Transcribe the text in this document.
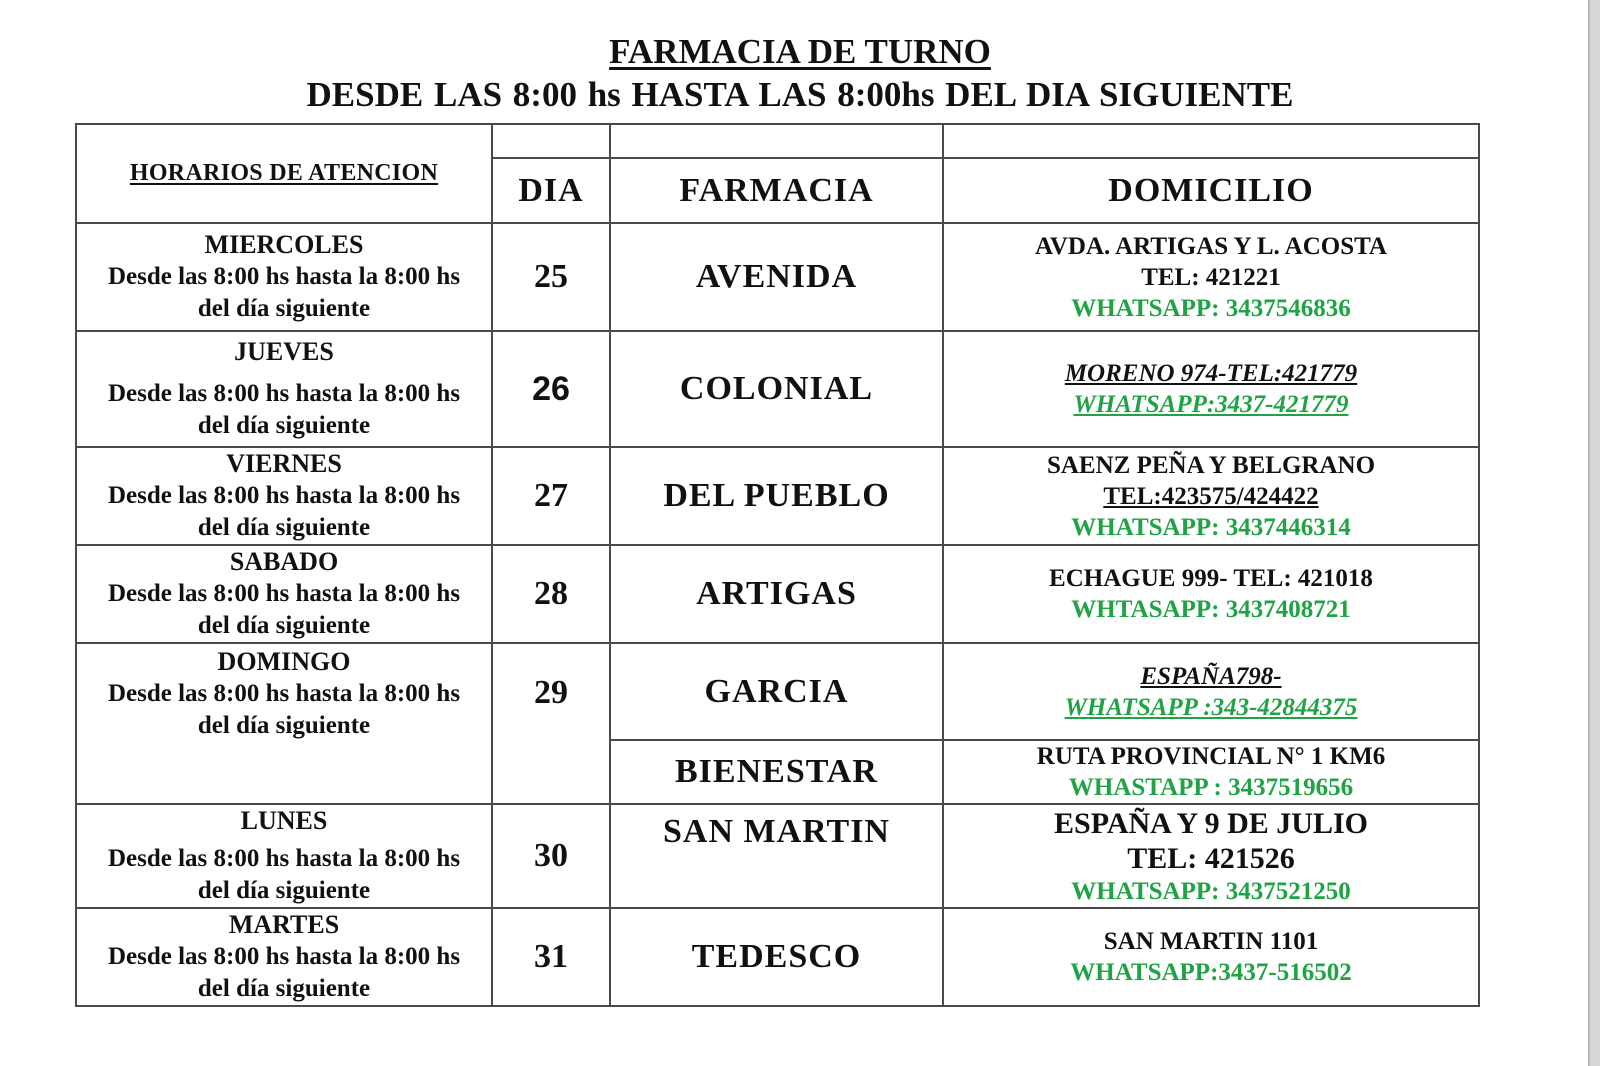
FARMACIA DE TURNO
DESDE LAS 8:00 hs HASTA LAS 8:00hs DEL DIA SIGUIENTE
HORARIOS DE ATENCION			
	DIA	FARMACIA	DOMICILIO

MIERCOLES
Desde las 8:00 hs hasta la 8:00 hs
del día siguiente	25	AVENIDA	AVDA. ARTIGAS Y L. ACOSTA
TEL: 421221
WHATSAPP: 3437546836

JUEVES
Desde las 8:00 hs hasta la 8:00 hs
del día siguiente	26	COLONIAL	MORENO 974-TEL:421779
WHATSAPP:3437-421779

VIERNES
Desde las 8:00 hs hasta la 8:00 hs
del día siguiente	27	DEL PUEBLO	SAENZ PEÑA Y BELGRANO
TEL:423575/424422
WHATSAPP: 3437446314

SABADO
Desde las 8:00 hs hasta la 8:00 hs
del día siguiente	28	ARTIGAS	ECHAGUE 999- TEL: 421018
WHTASAPP: 3437408721

DOMINGO
Desde las 8:00 hs hasta la 8:00 hs
del día siguiente	29	GARCIA	ESPAÑA798-
WHATSAPP :343-42844375

		BIENESTAR	RUTA PROVINCIAL N° 1 KM6
WHASTAPP : 3437519656

LUNES
Desde las 8:00 hs hasta la 8:00 hs
del día siguiente	30	SAN MARTIN	ESPAÑA Y 9 DE JULIO
TEL: 421526
WHATSAPP: 3437521250

MARTES
Desde las 8:00 hs hasta la 8:00 hs
del día siguiente	31	TEDESCO	SAN MARTIN 1101
WHATSAPP:3437-516502
